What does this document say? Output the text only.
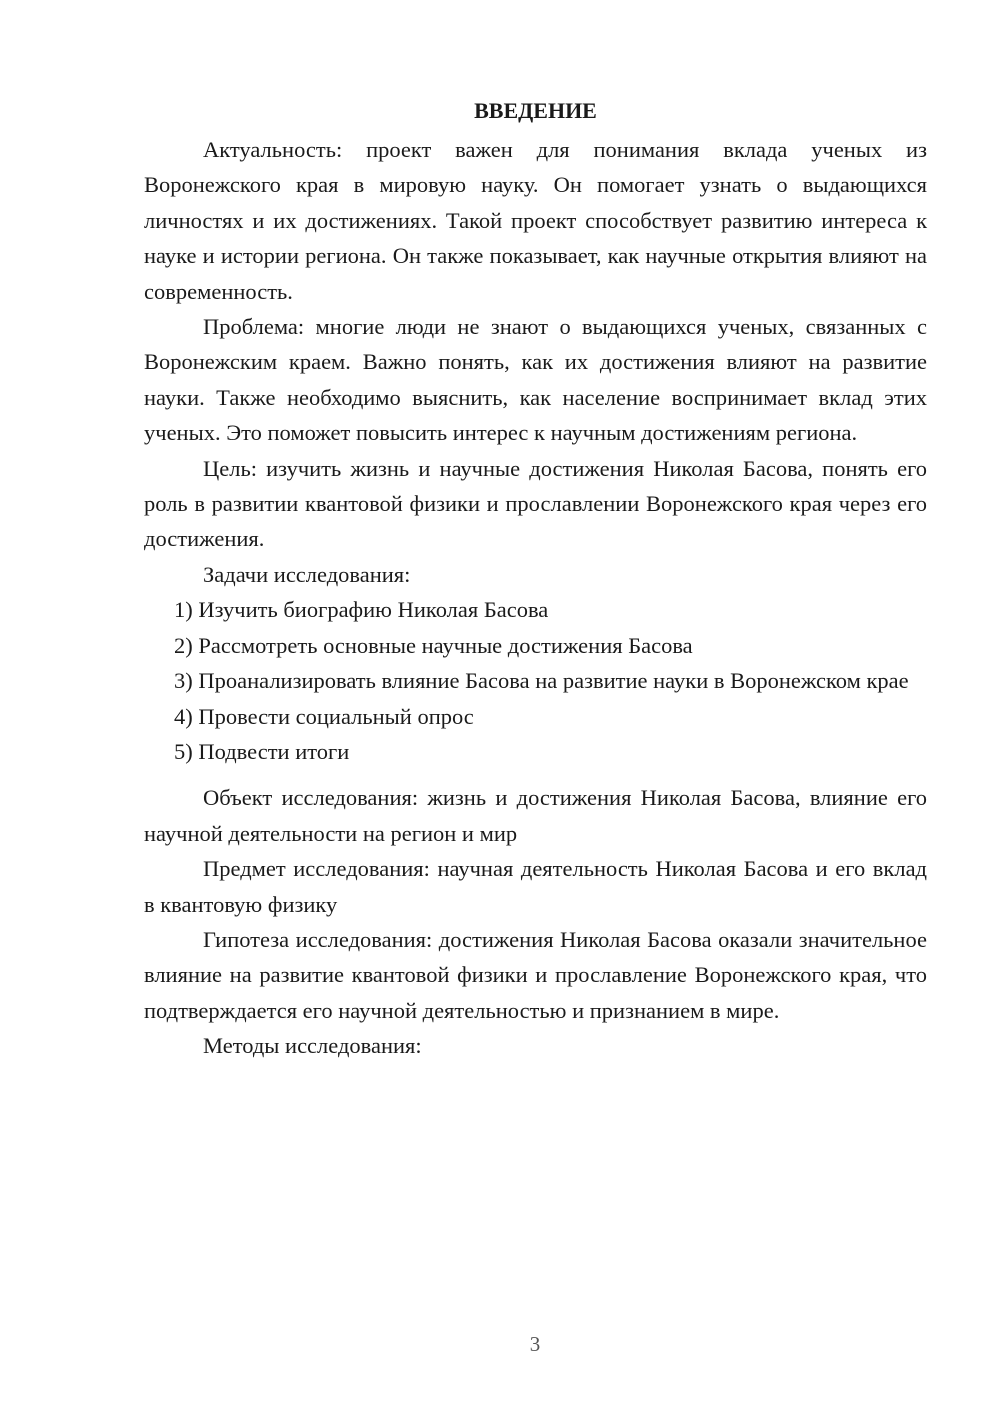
ВВЕДЕНИЕ

Актуальность: проект важен для понимания вклада ученых из Воронежского края в мировую науку. Он помогает узнать о выдающихся личностях и их достижениях. Такой проект способствует развитию интереса к науке и истории региона. Он также показывает, как научные открытия влияют на современность.

Проблема: многие люди не знают о выдающихся ученых, связанных с Воронежским краем. Важно понять, как их достижения влияют на развитие науки. Также необходимо выяснить, как население воспринимает вклад этих ученых. Это поможет повысить интерес к научным достижениям региона.

Цель: изучить жизнь и научные достижения Николая Басова, понять его роль в развитии квантовой физики и прославлении Воронежского края через его достижения.

Задачи исследования:

1) Изучить биографию Николая Басова

2) Рассмотреть основные научные достижения Басова

3) Проанализировать влияние Басова на развитие науки в Воронежском крае

4) Провести социальный опрос

5) Подвести итоги

Объект исследования: жизнь и достижения Николая Басова, влияние его научной деятельности на регион и мир

Предмет исследования: научная деятельность Николая Басова и его вклад в квантовую физику

Гипотеза исследования: достижения Николая Басова оказали значительное влияние на развитие квантовой физики и прославление Воронежского края, что подтверждается его научной деятельностью и признанием в мире.

Методы исследования:

3
